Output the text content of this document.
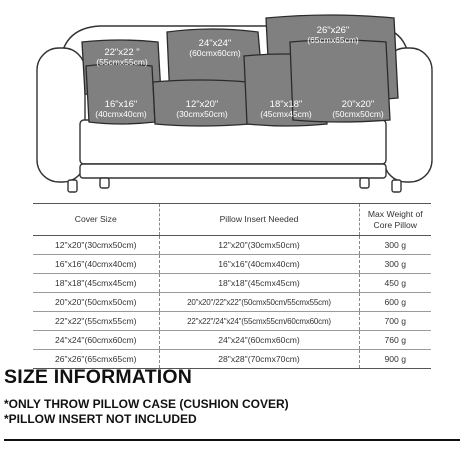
22"x22 "
(55cmx55cm)
24"x24"
(60cmx60cm)
26"x26"
(65cmx65cm)
16"x16"
(40cmx40cm)
12"x20"
(30cmx50cm)
18"x18"
(45cmx45cm)
20"x20"
(50cmx50cm)
Cover Size	Pillow Insert Needed	Max Weight of
Core Pillow
12"x20"(30cmx50cm)	12"x20"(30cmx50cm)	300 g
16"x16"(40cmx40cm)	16"x16"(40cmx40cm)	300 g
18"x18"(45cmx45cm)	18"x18"(45cmx45cm)	450 g
20"x20"(50cmx50cm)	20"x20"/22"x22"(50cmx50cm/55cmx55cm)	600 g
22"x22"(55cmx55cm)	22"x22"/24"x24"(55cmx55cm/60cmx60cm)	700 g
24"x24"(60cmx60cm)	24"x24"(60cmx60cm)	760 g
26"x26"(65cmx65cm)	28"x28"(70cmx70cm)	900 g
SIZE INFORMATION

*ONLY THROW PILLOW CASE (CUSHION COVER)

*PILLOW INSERT NOT INCLUDED
